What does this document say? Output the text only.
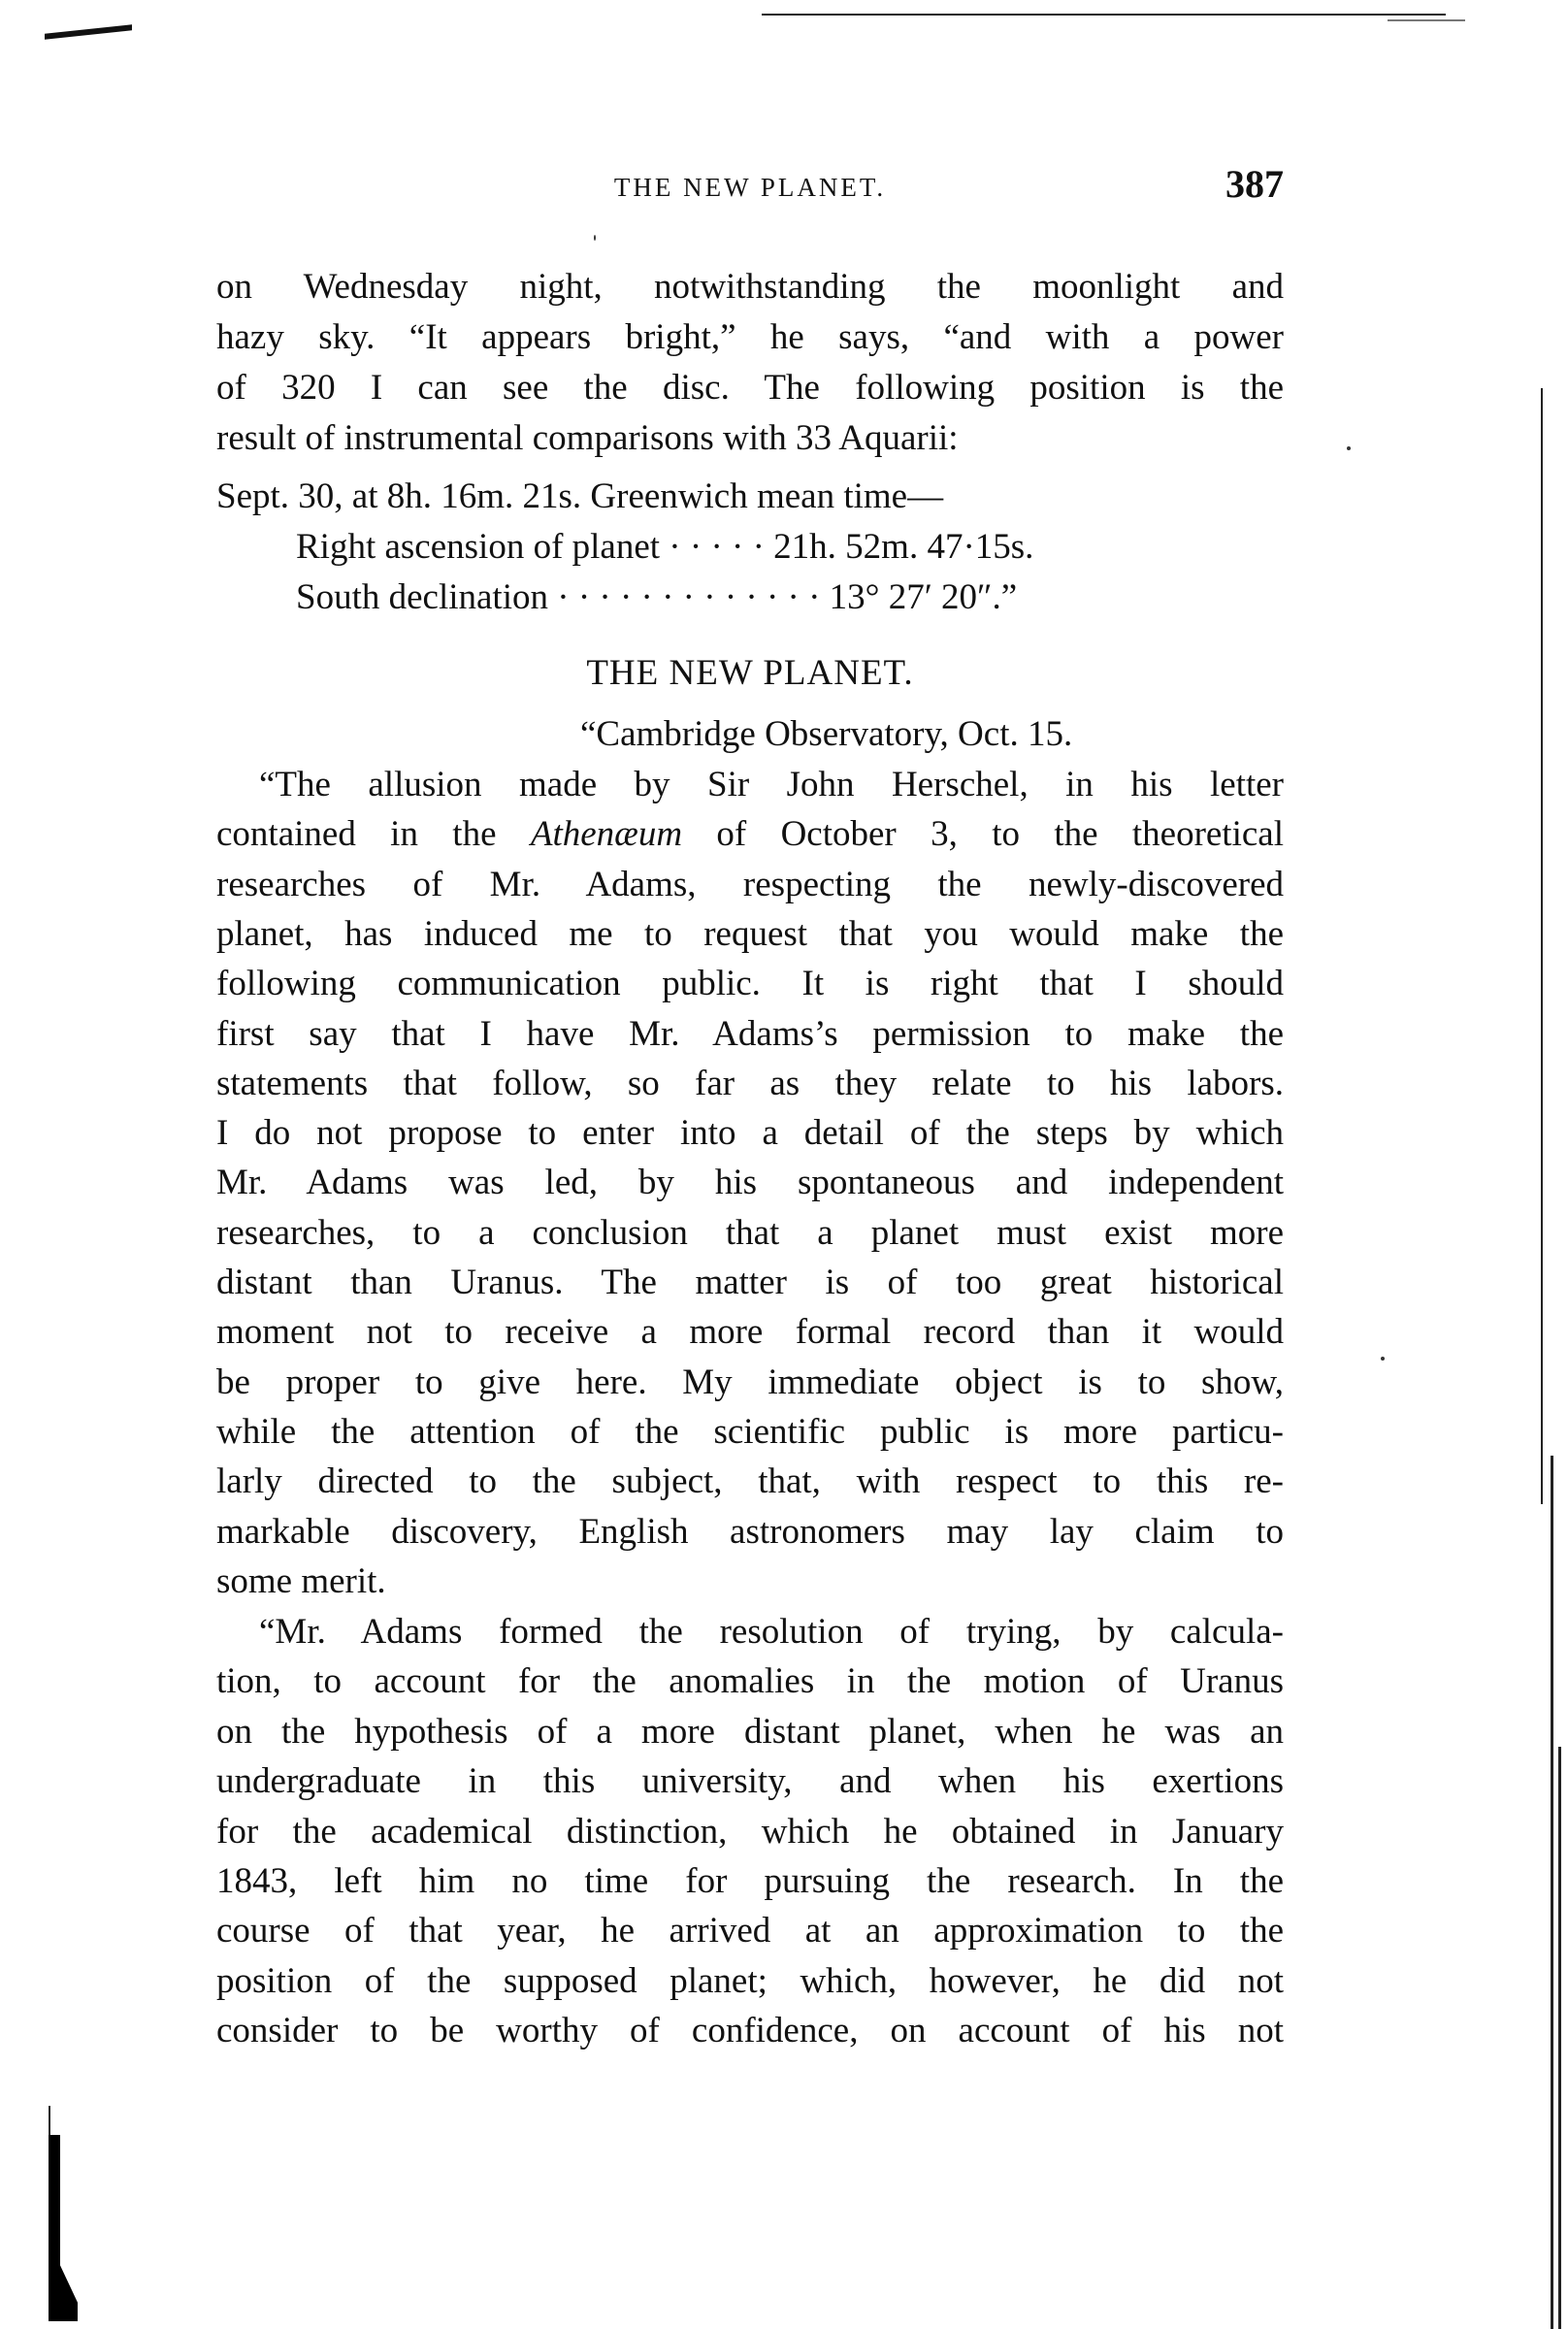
THE NEW PLANET.	387
on Wednesday night, notwithstanding the moonlight and
hazy sky. “It appears bright,” he says, “and with a power
of 320 I can see the disc. The following position is the
result of instrumental comparisons with 33 Aquarii:
Sept. 30, at 8h. 16m. 21s. Greenwich mean time—
Right ascension of planet · · · · · 21h. 52m. 47·15s.
South declination · · · · · · · · · · · · · 13° 27′ 20″.”
THE NEW PLANET.
“Cambridge Observatory, Oct. 15.
“The allusion made by Sir John Herschel, in his letter
contained in the Athenæum of October 3, to the theoretical
researches of Mr. Adams, respecting the newly-discovered
planet, has induced me to request that you would make the
following communication public. It is right that I should
first say that I have Mr. Adams’s permission to make the
statements that follow, so far as they relate to his labors.
I do not propose to enter into a detail of the steps by which
Mr. Adams was led, by his spontaneous and independent
researches, to a conclusion that a planet must exist more
distant than Uranus. The matter is of too great historical
moment not to receive a more formal record than it would
be proper to give here. My immediate object is to show,
while the attention of the scientific public is more particu-
larly directed to the subject, that, with respect to this re-
markable discovery, English astronomers may lay claim to
some merit.
“Mr. Adams formed the resolution of trying, by calcula-
tion, to account for the anomalies in the motion of Uranus
on the hypothesis of a more distant planet, when he was an
undergraduate in this university, and when his exertions
for the academical distinction, which he obtained in January
1843, left him no time for pursuing the research. In the
course of that year, he arrived at an approximation to the
position of the supposed planet; which, however, he did not
consider to be worthy of confidence, on account of his not
